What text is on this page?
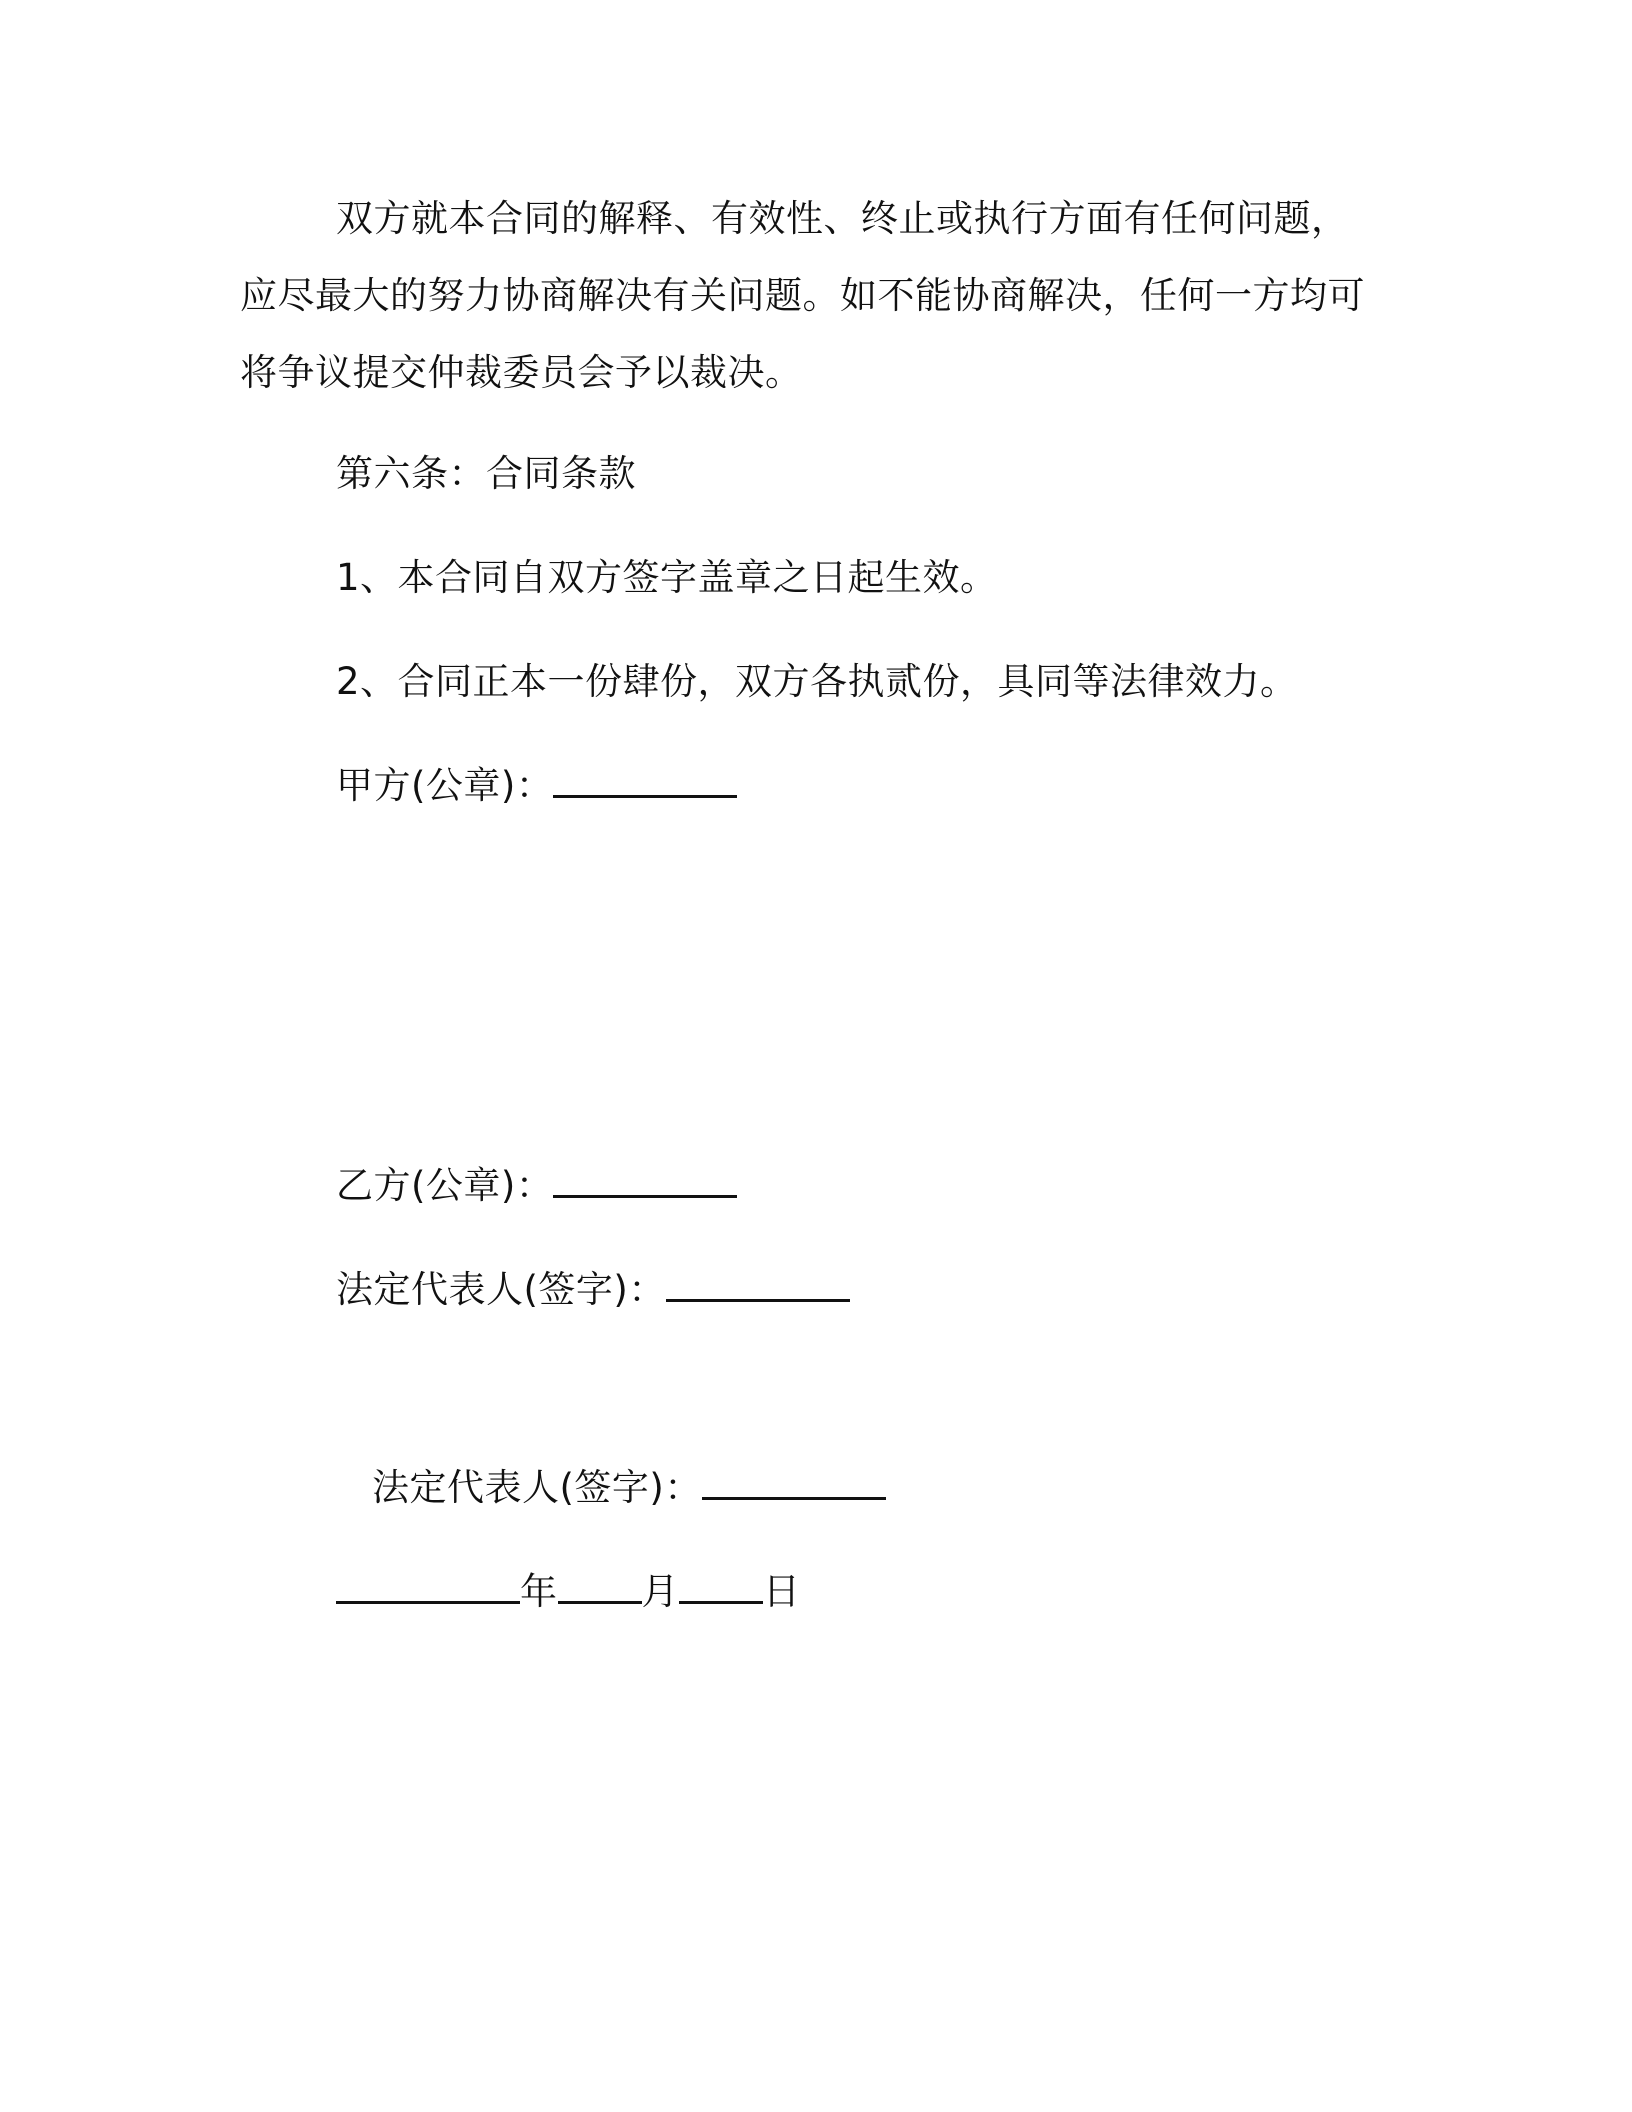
双方就本合同的解释、有效性、终止或执行方面有任何问题，应尽最大的努力协商解决有关问题。如不能协商解决，任何一方均可将争议提交仲裁委员会予以裁决。

第六条：合同条款
1、本合同自双方签字盖章之日起生效。
2、合同正本一份肆份，双方各执贰份，具同等法律效力。
甲方(公章)：
乙方(公章)：
法定代表人(签字)：
法定代表人(签字)：
年 月 日
